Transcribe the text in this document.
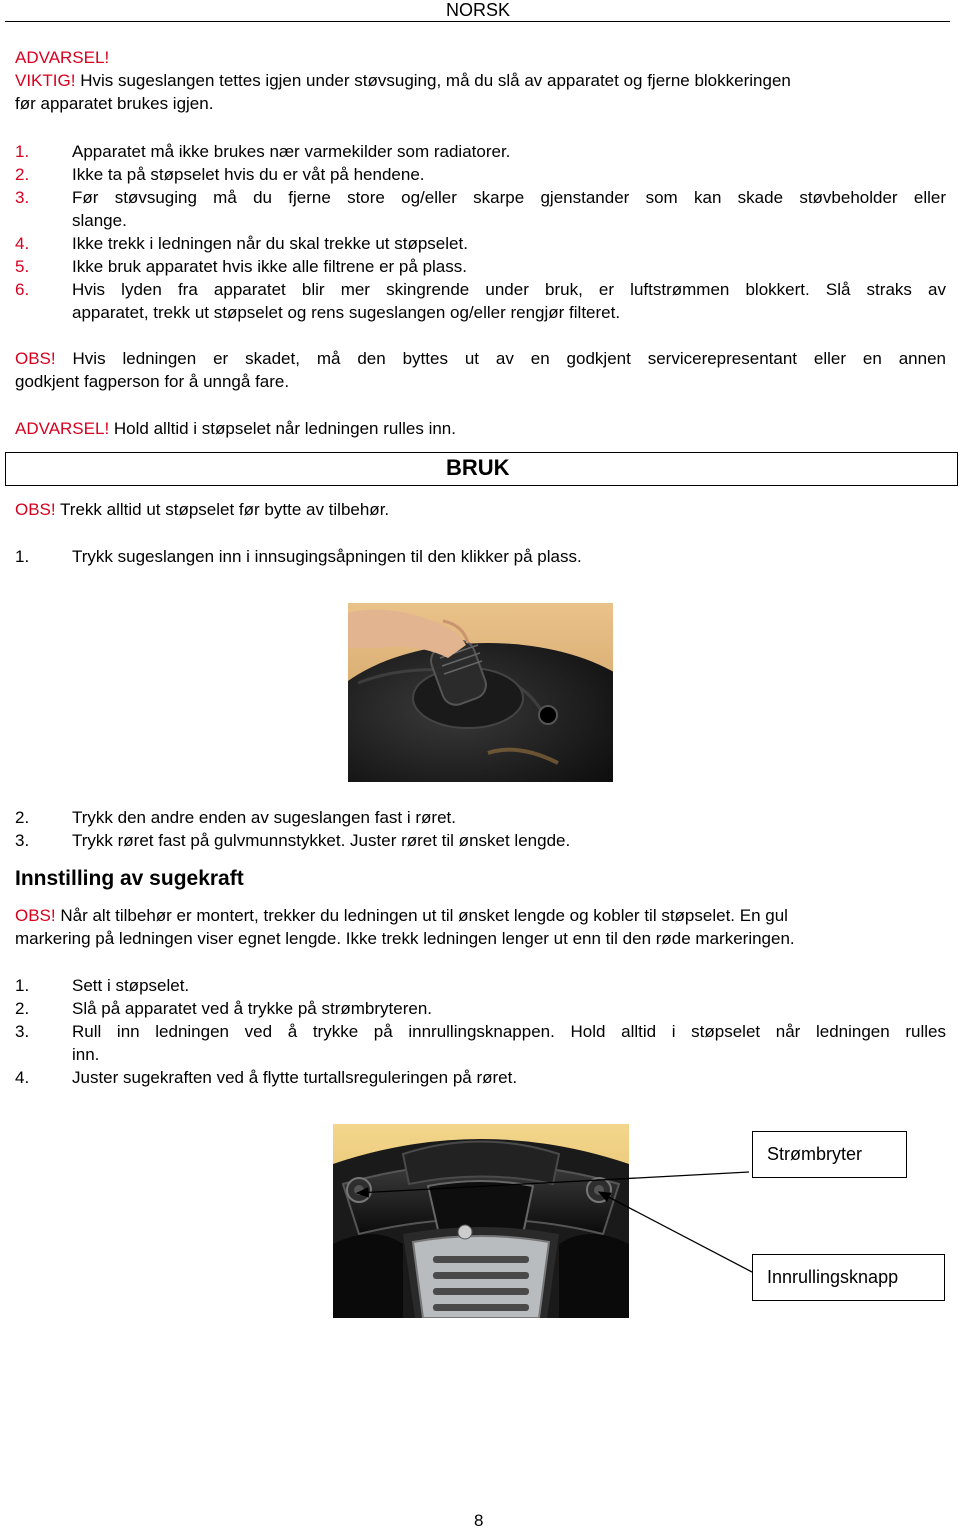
NORSK
ADVARSEL!
VIKTIG! Hvis sugeslangen tettes igjen under støvsuging, må du slå av apparatet og fjerne blokkeringen
før apparatet brukes igjen.
1.	Apparatet må ikke brukes nær varmekilder som radiatorer.
2.	Ikke ta på støpselet hvis du er våt på hendene.
3.	Før støvsuging må du fjerne store og/eller skarpe gjenstander som kan skade støvbeholder eller
slange.
4.	Ikke trekk i ledningen når du skal trekke ut støpselet.
5.	Ikke bruk apparatet hvis ikke alle filtrene er på plass.
6.	Hvis lyden fra apparatet blir mer skingrende under bruk, er luftstrømmen blokkert. Slå straks av
apparatet, trekk ut støpselet og rens sugeslangen og/eller rengjør filteret.
OBS! Hvis ledningen er skadet, må den byttes ut av en godkjent servicerepresentant eller en annen
godkjent fagperson for å unngå fare.
ADVARSEL! Hold alltid i støpselet når ledningen rulles inn.
BRUK
OBS! Trekk alltid ut støpselet før bytte av tilbehør.
1.	Trykk sugeslangen inn i innsugingsåpningen til den klikker på plass.
2.	Trykk den andre enden av sugeslangen fast i røret.
3.	Trykk røret fast på gulvmunnstykket. Juster røret til ønsket lengde.
Innstilling av sugekraft
OBS! Når alt tilbehør er montert, trekker du ledningen ut til ønsket lengde og kobler til støpselet. En gul
markering på ledningen viser egnet lengde. Ikke trekk ledningen lenger ut enn til den røde markeringen.
1.	Sett i støpselet.
2.	Slå på apparatet ved å trykke på strømbryteren.
3.	Rull inn ledningen ved å trykke på innrullingsknappen. Hold alltid i støpselet når ledningen rulles
inn.
4.	Juster sugekraften ved å flytte turtallsreguleringen på røret.
Strømbryter
Innrullingsknapp
8
